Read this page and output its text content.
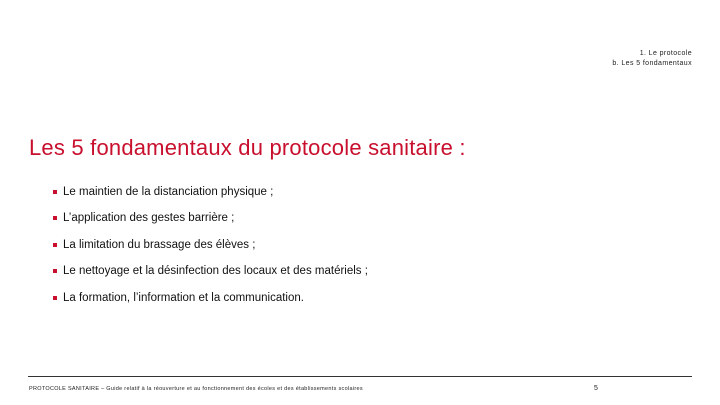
1. Le protocole
b. Les 5 fondamentaux
Les 5 fondamentaux du protocole sanitaire :
Le maintien de la distanciation physique ;
L’application des gestes barrière ;
La limitation du brassage des élèves ;
Le nettoyage et la désinfection des locaux et des matériels ;
La formation, l’information et la communication.
PROTOCOLE SANITAIRE – Guide relatif à la réouverture et au fonctionnement des écoles et des établissements scolaires	5
